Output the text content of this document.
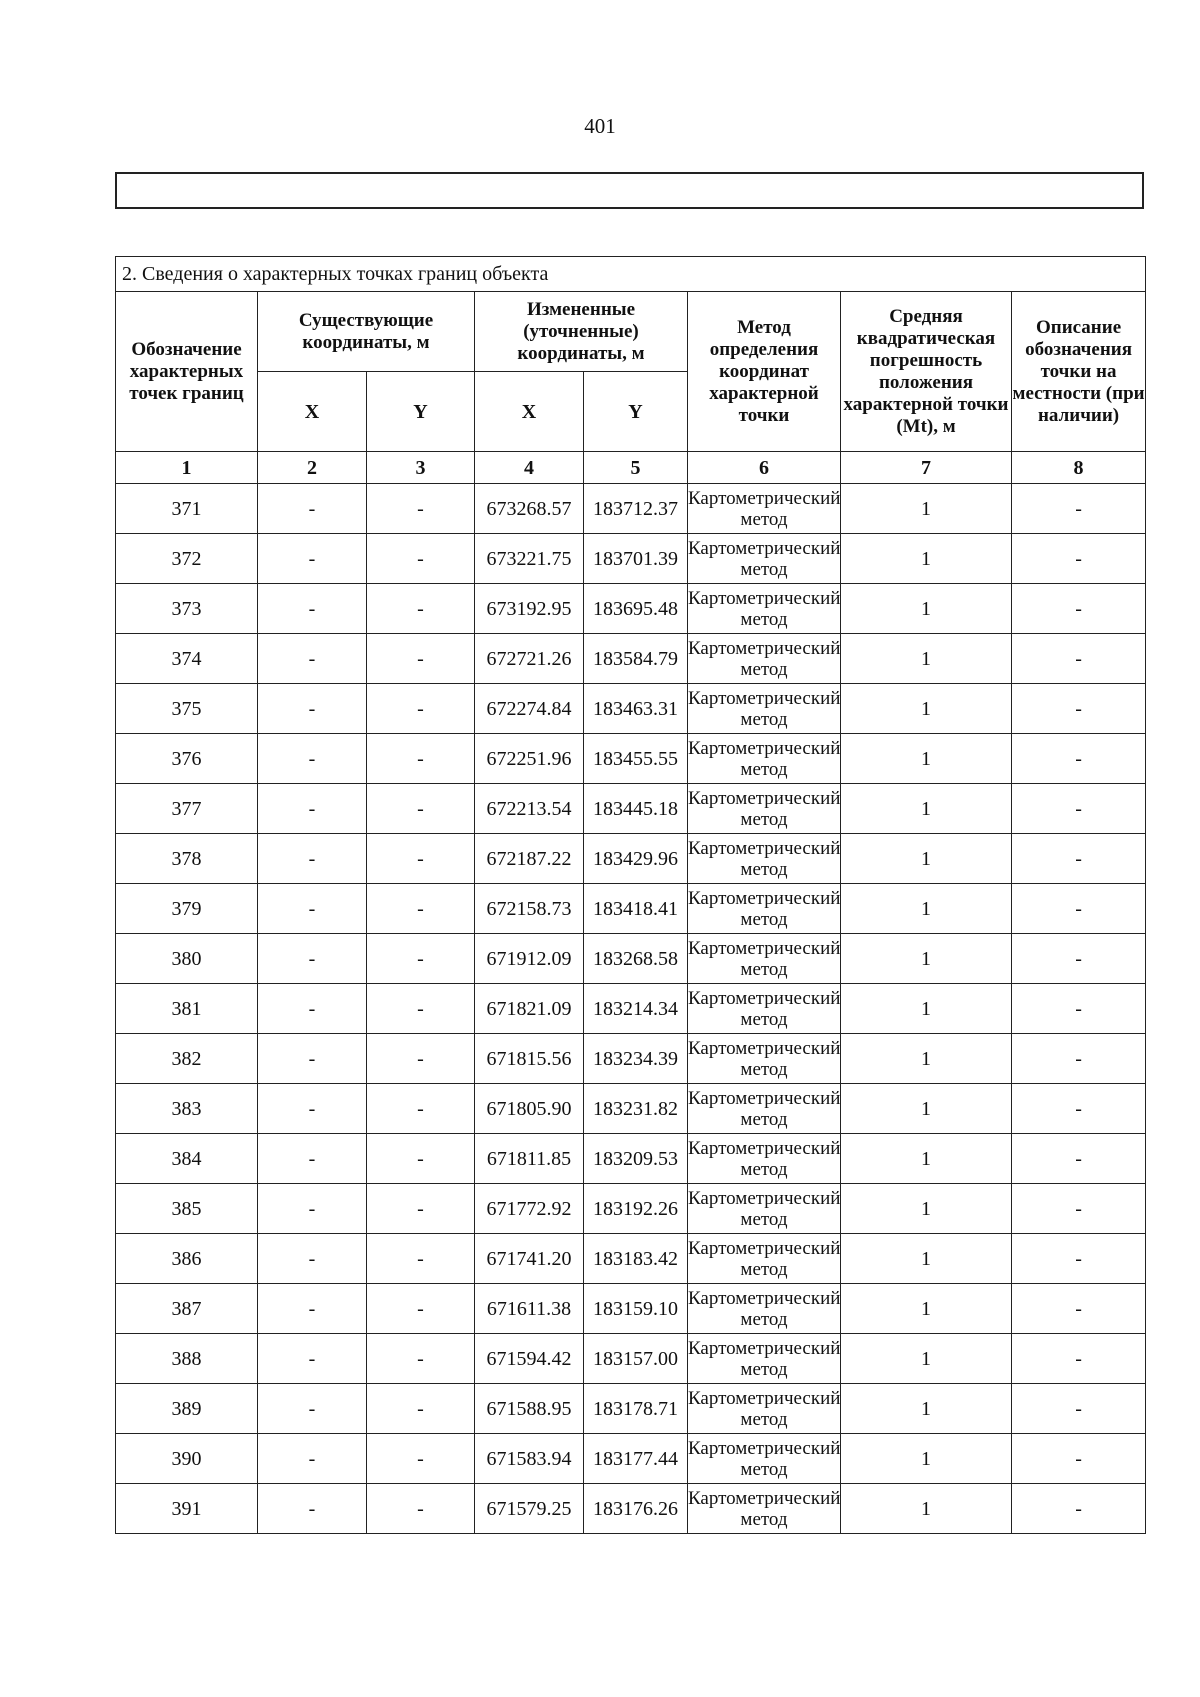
401
2. Сведения о характерных точках границ объекта							
Обозначение характерных точек границ	Существующие координаты, м		Измененные (уточненные) координаты, м		Метод определения координат характерной точки	Средняя квадратическая погрешность положения характерной точки (Mt), м	Описание обозначения точки на местности (при наличии)
	X	Y	X	Y			
1	2	3	4	5	6	7	8
371	-	-	673268.57	183712.37	Картометрический метод	1	-
372	-	-	673221.75	183701.39	Картометрический метод	1	-
373	-	-	673192.95	183695.48	Картометрический метод	1	-
374	-	-	672721.26	183584.79	Картометрический метод	1	-
375	-	-	672274.84	183463.31	Картометрический метод	1	-
376	-	-	672251.96	183455.55	Картометрический метод	1	-
377	-	-	672213.54	183445.18	Картометрический метод	1	-
378	-	-	672187.22	183429.96	Картометрический метод	1	-
379	-	-	672158.73	183418.41	Картометрический метод	1	-
380	-	-	671912.09	183268.58	Картометрический метод	1	-
381	-	-	671821.09	183214.34	Картометрический метод	1	-
382	-	-	671815.56	183234.39	Картометрический метод	1	-
383	-	-	671805.90	183231.82	Картометрический метод	1	-
384	-	-	671811.85	183209.53	Картометрический метод	1	-
385	-	-	671772.92	183192.26	Картометрический метод	1	-
386	-	-	671741.20	183183.42	Картометрический метод	1	-
387	-	-	671611.38	183159.10	Картометрический метод	1	-
388	-	-	671594.42	183157.00	Картометрический метод	1	-
389	-	-	671588.95	183178.71	Картометрический метод	1	-
390	-	-	671583.94	183177.44	Картометрический метод	1	-
391	-	-	671579.25	183176.26	Картометрический метод	1	-
